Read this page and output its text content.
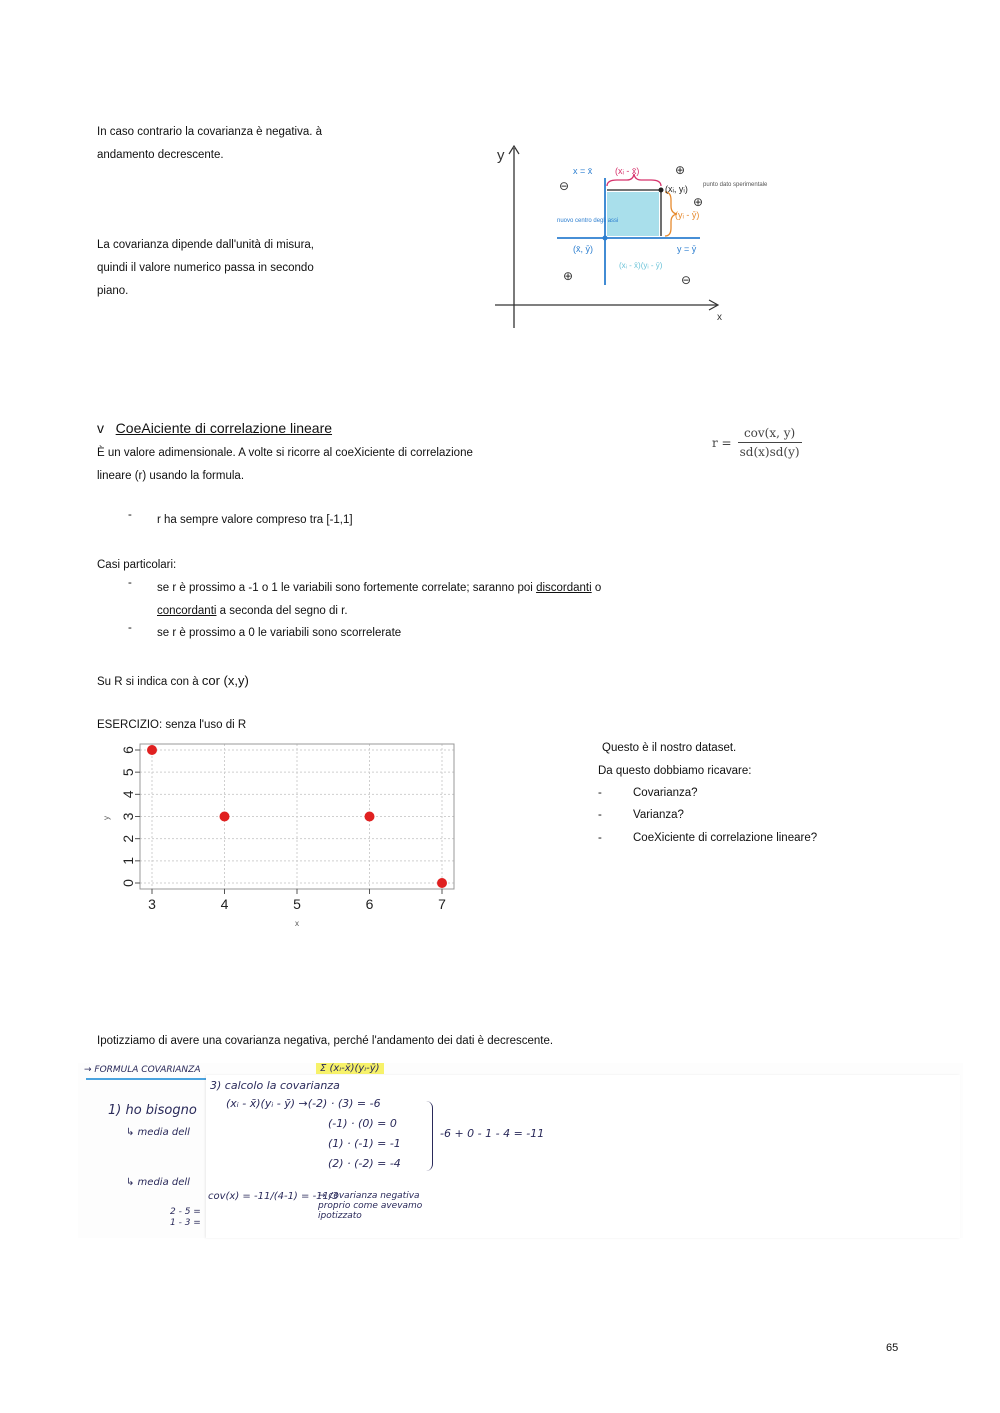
In caso contrario la covarianza è negativa. à
andamento decrescente.
La covarianza dipende dall'unità di misura,
quindi il valore numerico passa in secondo
piano.
y
x
x = x̄	(xᵢ - x̄)
(xᵢ, yᵢ)	punto dato sperimentale
(yᵢ - ȳ)
nuovo centro degli assi
(x̄, ȳ)	y = ȳ
(xᵢ - x̄)(yᵢ - ȳ)
⊖
⊕
⊕
⊕	⊖
v CoeAiciente di correlazione lineare
È un valore adimensionale. A volte si ricorre al coeXiciente di correlazione
lineare (r) usando la formula.
r =
cov(x, y)
sd(x)sd(y)
- r ha sempre valore compreso tra [-1,1]
Casi particolari:
- se r è prossimo a -1 o 1 le variabili sono fortemente correlate; saranno poi discordanti o
concordanti a seconda del segno di r.
- se r è prossimo a 0 le variabili sono scorrelerate
Su R si indica con à cor (x,y)
ESERCIZIO: senza l'uso di R
3	4	5	6	7
0
1
2
3
4
5
6
x
y
Questo è il nostro dataset.
Da questo dobbiamo ricavare:
-	Covarianza?
-	Varianza?
-	CoeXiciente di correlazione lineare?
Ipotizziamo di avere una covarianza negativa, perché l'andamento dei dati è decrescente.
→ FORMULA COVARIANZA	Σ (xᵢ-x̄)(yᵢ-ȳ)
1) ho bisogno
↳ media dell
↳ media dell
2 - 5 =
1 - 3 =
3) calcolo la covarianza
(xᵢ - x̄)(yᵢ - ȳ) →(-2) · (3) = -6
(-1) · (0) = 0
(1) · (-1) = -1
(2) · (-2) = -4
-6 + 0 - 1 - 4 = -11
cov(x) = -11/(4-1) = -11/3
→ covarianza negativa
proprio come avevamo
ipotizzato
65
